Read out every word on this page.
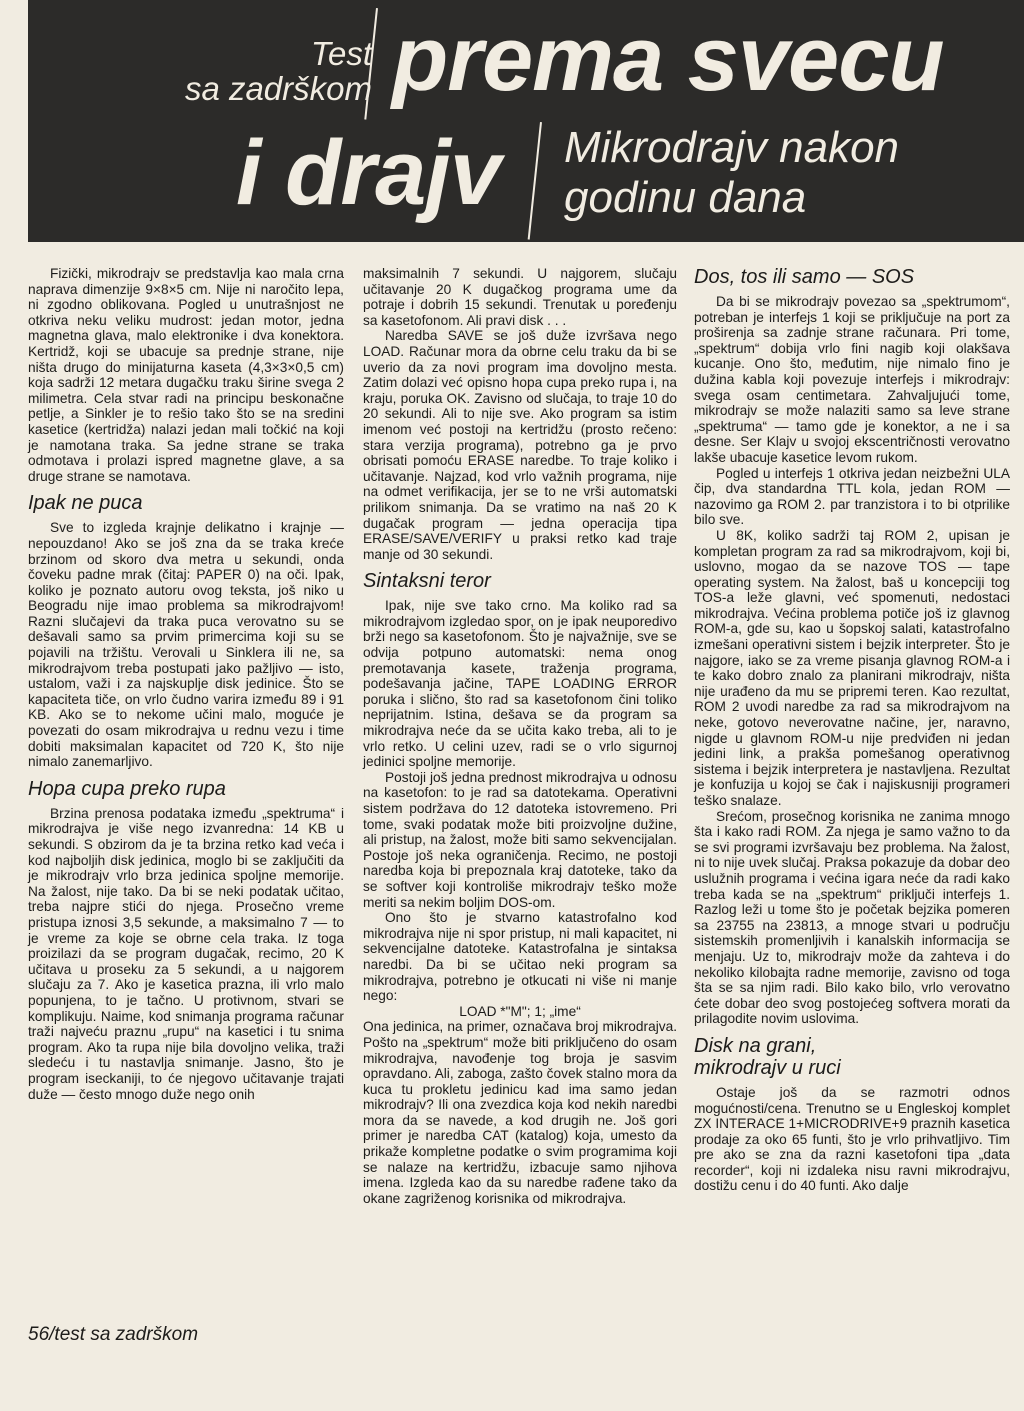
Test
sa zadrškom prema svecu
i drajv Mikrodrajv nakon
godinu dana

Fizički, mikrodrajv se predstavlja kao mala crna naprava dimenzije 9×8×5 cm. Nije ni naročito lepa, ni zgodno oblikovana. Pogled u unutrašnjost ne otkriva neku veliku mudrost: jedan motor, jedna magnetna glava, malo elektronike i dva konektora. Kertridž, koji se ubacuje sa prednje strane, nije ništa drugo do minijaturna kaseta (4,3×3×0,5 cm) koja sadrži 12 metara dugačku traku širine svega 2 milimetra. Cela stvar radi na principu beskonačne petlje, a Sinkler je to rešio tako što se na sredini kasetice (kertridža) nalazi jedan mali točkić na koji je namotana traka. Sa jedne strane se traka odmotava i prolazi ispred magnetne glave, a sa druge strane se namotava.

Ipak ne puca

Sve to izgleda krajnje delikatno i krajnje — nepouzdano! Ako se još zna da se traka kreće brzinom od skoro dva metra u sekundi, onda čoveku padne mrak (čitaj: PAPER 0) na oči. Ipak, koliko je poznato autoru ovog teksta, još niko u Beogradu nije imao problema sa mikrodrajvom! Razni slučajevi da traka puca verovatno su se dešavali samo sa prvim primercima koji su se pojavili na tržištu. Verovali u Sinklera ili ne, sa mikrodrajvom treba postupati jako pažljivo — isto, ustalom, važi i za najskuplje disk jedinice. Što se kapaciteta tiče, on vrlo čudno varira između 89 i 91 KB. Ako se to nekome učini malo, moguće je povezati do osam mikrodrajva u rednu vezu i time dobiti maksimalan kapacitet od 720 K, što nije nimalo zanemarljivo.

Hopa cupa preko rupa

Brzina prenosa podataka između „spektruma“ i mikrodrajva je više nego izvanredna: 14 KB u sekundi. S obzirom da je ta brzina retko kad veća i kod najboljih disk jedinica, moglo bi se zaključiti da je mikrodrajv vrlo brza jedinica spoljne memorije. Na žalost, nije tako. Da bi se neki podatak učitao, treba najpre stići do njega. Prosečno vreme pristupa iznosi 3,5 sekunde, a maksimalno 7 — to je vreme za koje se obrne cela traka. Iz toga proizilazi da se program dugačak, recimo, 20 K učitava u proseku za 5 sekundi, a u najgorem slučaju za 7. Ako je kasetica prazna, ili vrlo malo popunjena, to je tačno. U protivnom, stvari se komplikuju. Naime, kod snimanja programa računar traži najveću praznu „rupu“ na kasetici i tu snima program. Ako ta rupa nije bila dovoljno velika, traži sledeću i tu nastavlja snimanje. Jasno, što je program iseckaniji, to će njegovo učitavanje trajati duže — često mnogo duže nego onih

maksimalnih 7 sekundi. U najgorem, slučaju učitavanje 20 K dugačkog programa ume da potraje i dobrih 15 sekundi. Trenutak u poređenju sa kasetofonom. Ali pravi disk . . .

Naredba SAVE se još duže izvršava nego LOAD. Računar mora da obrne celu traku da bi se uverio da za novi program ima dovoljno mesta. Zatim dolazi već opisno hopa cupa preko rupa i, na kraju, poruka OK. Zavisno od slučaja, to traje 10 do 20 sekundi. Ali to nije sve. Ako program sa istim imenom već postoji na kertridžu (prosto rečeno: stara verzija programa), potrebno ga je prvo obrisati pomoću ERASE naredbe. To traje koliko i učitavanje. Najzad, kod vrlo važnih programa, nije na odmet verifikacija, jer se to ne vrši automatski prilikom snimanja. Da se vratimo na naš 20 K dugačak program — jedna operacija tipa ERASE/SAVE/VERIFY u praksi retko kad traje manje od 30 sekundi.

Sintaksni teror

Ipak, nije sve tako crno. Ma koliko rad sa mikrodrajvom izgledao spor, on je ipak neuporedivo brži nego sa kasetofonom. Što je najvažnije, sve se odvija potpuno automatski: nema onog premotavanja kasete, traženja programa, podešavanja jačine, TAPE LOADING ERROR poruka i slično, što rad sa kasetofonom čini toliko neprijatnim. Istina, dešava se da program sa mikrodrajva neće da se učita kako treba, ali to je vrlo retko. U celini uzev, radi se o vrlo sigurnoj jedinici spoljne memorije.

Postoji još jedna prednost mikrodrajva u odnosu na kasetofon: to je rad sa datotekama. Operativni sistem podržava do 12 datoteka istovremeno. Pri tome, svaki podatak može biti proizvoljne dužine, ali pristup, na žalost, može biti samo sekvencijalan. Postoje još neka ograničenja. Recimo, ne postoji naredba koja bi prepoznala kraj datoteke, tako da se softver koji kontroliše mikrodrajv teško može meriti sa nekim boljim DOS-om.

Ono što je stvarno katastrofalno kod mikrodrajva nije ni spor pristup, ni mali kapacitet, ni sekvencijalne datoteke. Katastrofalna je sintaksa naredbi. Da bi se učitao neki program sa mikrodrajva, potrebno je otkucati ni više ni manje nego:

LOAD *"M"; 1; „ime“

Ona jedinica, na primer, označava broj mikrodrajva. Pošto na „spektrum“ može biti priključeno do osam mikrodrajva, navođenje tog broja je sasvim opravdano. Ali, zaboga, zašto čovek stalno mora da kuca tu prokletu jedinicu kad ima samo jedan mikrodrajv? Ili ona zvezdica koja kod nekih naredbi mora da se navede, a kod drugih ne. Još gori primer je naredba CAT (katalog) koja, umesto da prikaže kompletne podatke o svim programima koji se nalaze na kertridžu, izbacuje samo njihova imena. Izgleda kao da su naredbe rađene tako da okane zagriženog korisnika od mikrodrajva.

Dos, tos ili samo — SOS

Da bi se mikrodrajv povezao sa „spektrumom“, potreban je interfejs 1 koji se priključuje na port za proširenja sa zadnje strane računara. Pri tome, „spektrum“ dobija vrlo fini nagib koji olakšava kucanje. Ono što, međutim, nije nimalo fino je dužina kabla koji povezuje interfejs i mikrodrajv: svega osam centimetara. Zahvaljujući tome, mikrodrajv se može nalaziti samo sa leve strane „spektruma“ — tamo gde je konektor, a ne i sa desne. Ser Klajv u svojoj ekscentričnosti verovatno lakše ubacuje kasetice levom rukom.

Pogled u interfejs 1 otkriva jedan neizbežni ULA čip, dva standardna TTL kola, jedan ROM — nazovimo ga ROM 2. par tranzistora i to bi otprilike bilo sve.

U 8K, koliko sadrži taj ROM 2, upisan je kompletan program za rad sa mikrodrajvom, koji bi, uslovno, mogao da se nazove TOS — tape operating system. Na žalost, baš u koncepciji tog TOS-a leže glavni, već spomenuti, nedostaci mikrodrajva. Većina problema potiče još iz glavnog ROM-a, gde su, kao u šopskoj salati, katastrofalno izmešani operativni sistem i bejzik interpreter. Što je najgore, iako se za vreme pisanja glavnog ROM-a i te kako dobro znalo za planirani mikrodrajv, ništa nije urađeno da mu se pripremi teren. Kao rezultat, ROM 2 uvodi naredbe za rad sa mikrodrajvom na neke, gotovo neverovatne načine, jer, naravno, nigde u glavnom ROM-u nije predviđen ni jedan jedini link, a prakša pomešanog operativnog sistema i bejzik interpretera je nastavljena. Rezultat je konfuzija u kojoj se čak i najiskusniji programeri teško snalaze.

Srećom, prosečnog korisnika ne zanima mnogo šta i kako radi ROM. Za njega je samo važno to da se svi programi izvršavaju bez problema. Na žalost, ni to nije uvek slučaj. Praksa pokazuje da dobar deo uslužnih programa i većina igara neće da radi kako treba kada se na „spektrum“ priključi interfejs 1. Razlog leži u tome što je početak bejzika pomeren sa 23755 na 23813, a mnoge stvari u području sistemskih promenljivih i kanalskih informacija se menjaju. Uz to, mikrodrajv može da zahteva i do nekoliko kilobajta radne memorije, zavisno od toga šta se sa njim radi. Bilo kako bilo, vrlo verovatno ćete dobar deo svog postojećeg softvera morati da prilagodite novim uslovima.

Disk na grani,
mikrodrajv u ruci

Ostaje još da se razmotri odnos mogućnosti/cena. Trenutno se u Engleskoj komplet ZX INTERACE 1+MICRODRIVE+9 praznih kasetica prodaje za oko 65 funti, što je vrlo prihvatljivo. Tim pre ako se zna da razni kasetofoni tipa „data recorder“, koji ni izdaleka nisu ravni mikrodrajvu, dostižu cenu i do 40 funti. Ako dalje

56/test sa zadrškom
